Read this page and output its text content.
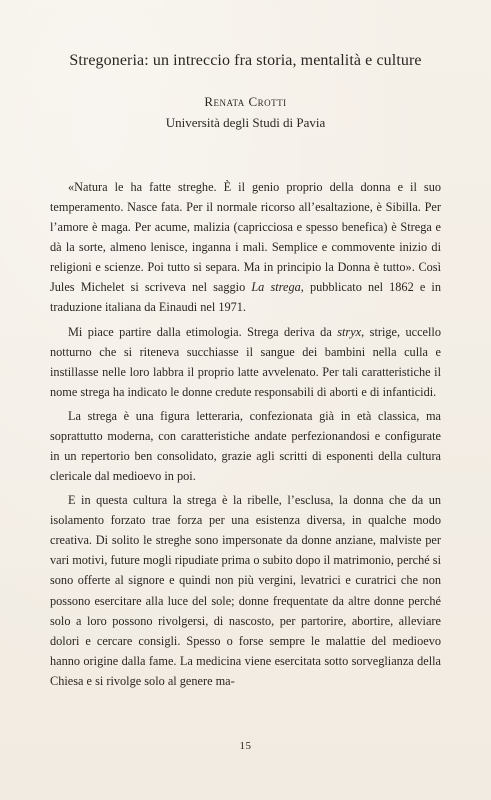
Stregoneria: un intreccio fra storia, mentalità e culture
Renata Crotti
Università degli Studi di Pavia

«Natura le ha fatte streghe. È il genio proprio della donna e il suo temperamento. Nasce fata. Per il normale ricorso all’esaltazione, è Sibilla. Per l’amore è maga. Per acume, malizia (capricciosa e spesso benefica) è Strega e dà la sorte, almeno lenisce, inganna i mali. Semplice e commovente inizio di religioni e scienze. Poi tutto si separa. Ma in principio la Donna è tutto». Così Jules Michelet si scriveva nel saggio La strega, pubblicato nel 1862 e in traduzione italiana da Einaudi nel 1971.

Mi piace partire dalla etimologia. Strega deriva da stryx, strige, uccello notturno che si riteneva succhiasse il sangue dei bambini nella culla e instillasse nelle loro labbra il proprio latte avvelenato. Per tali caratteristiche il nome strega ha indicato le donne credute responsabili di aborti e di infanticidi.

La strega è una figura letteraria, confezionata già in età classica, ma soprattutto moderna, con caratteristiche andate perfezionandosi e configurate in un repertorio ben consolidato, grazie agli scritti di esponenti della cultura clericale dal medioevo in poi.

E in questa cultura la strega è la ribelle, l’esclusa, la donna che da un isolamento forzato trae forza per una esistenza diversa, in qualche modo creativa. Di solito le streghe sono impersonate da donne anziane, malviste per vari motivi, future mogli ripudiate prima o subito dopo il matrimonio, perché si sono offerte al signore e quindi non più vergini, levatrici e curatrici che non possono esercitare alla luce del sole; donne frequentate da altre donne perché solo a loro possono rivolgersi, di nascosto, per partorire, abortire, alleviare dolori e cercare consigli. Spesso o forse sempre le malattie del medioevo hanno origine dalla fame. La medicina viene esercitata sotto sorveglianza della Chiesa e si rivolge solo al genere ma-

15
